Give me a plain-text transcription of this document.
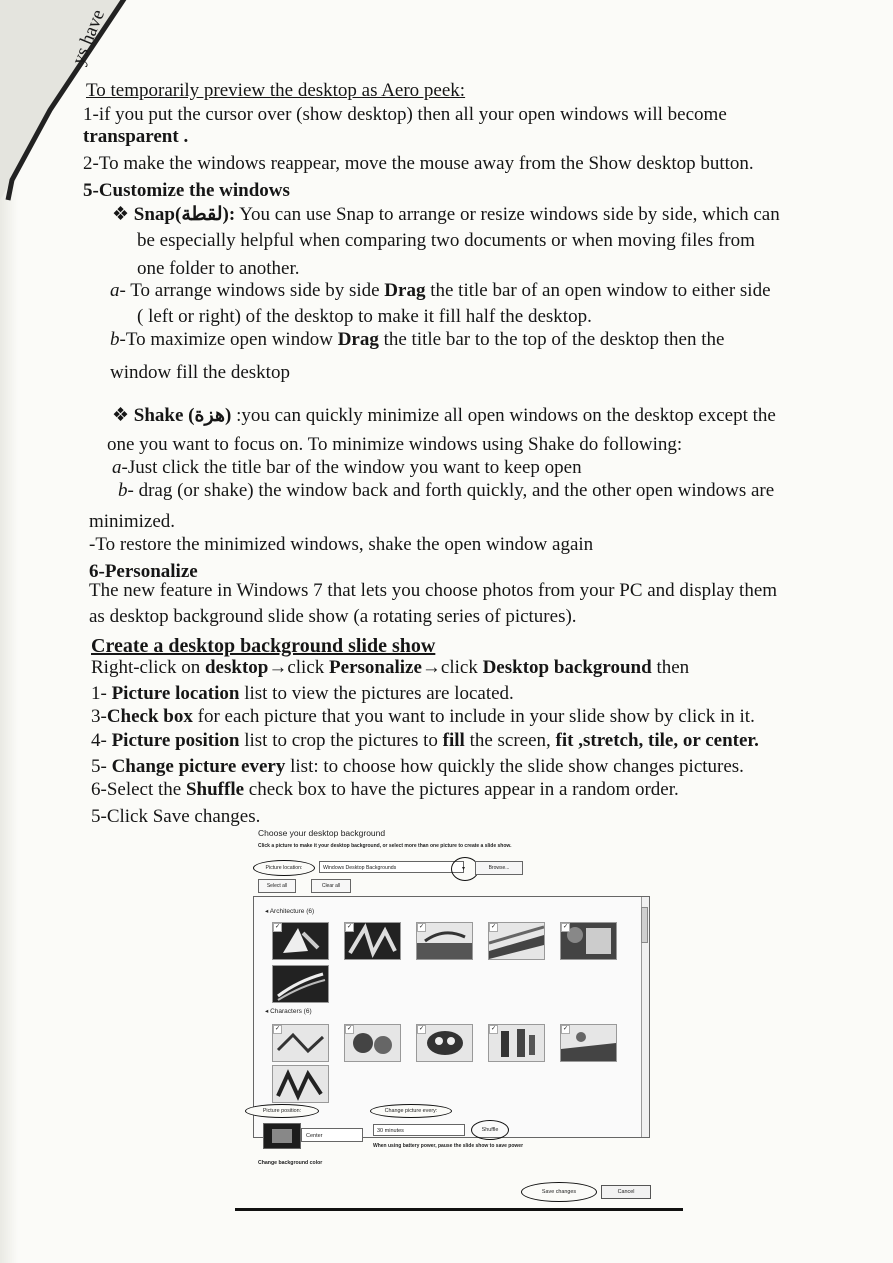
ys have
To temporarily preview the desktop as Aero peek:
1-if you put the cursor over (show desktop) then all your open windows will become
transparent .
2-To make the windows reappear, move the mouse away from the Show desktop button.
5-Customize the windows
❖ Snap(لقطة): You can use Snap to arrange or resize windows side by side, which can
be especially helpful when comparing two documents or when moving files from
one folder to another.
a- To arrange windows side by side Drag the title bar of an open window to either side
( left or right) of the desktop to make it fill half the desktop.
b-To maximize open window Drag the title bar to the top of the desktop then the
window fill the desktop
❖ Shake (هزة) :you can quickly minimize all open windows on the desktop except the
one you want to focus on. To minimize windows using Shake do following:
a-Just click the title bar of the window you want to keep open
b- drag (or shake) the window back and forth quickly, and the other open windows are
minimized.
-To restore the minimized windows, shake the open window again
6-Personalize
The new feature in Windows 7 that lets you choose photos from your PC and display them
as desktop background slide show (a rotating series of pictures).
Create a desktop background slide show
Right-click on desktop→click Personalize→click Desktop background then
1- Picture location list to view the pictures are located.
3-Check box for each picture that you want to include in your slide show by click in it.
4- Picture position list to crop the pictures to fill the screen, fit ,stretch, tile, or center.
5- Change picture every list: to choose how quickly the slide show changes pictures.
6-Select the Shuffle check box to have the pictures appear in a random order.
5-Click Save changes.
Choose your desktop background
Click a picture to make it your desktop background, or select more than one picture to create a slide show.
Picture location:	Windows Desktop Backgrounds	▾	Browse...
Select all	Clear all
◂ Architecture (6)
✓	✓	✓	✓	✓
◂ Characters (6)
✓	✓	✓	✓	✓
Picture position:	Change picture every:
Center
30 minutes	Shuffle
When using battery power, pause the slide show to save power
Change background color
Save changes	Cancel
